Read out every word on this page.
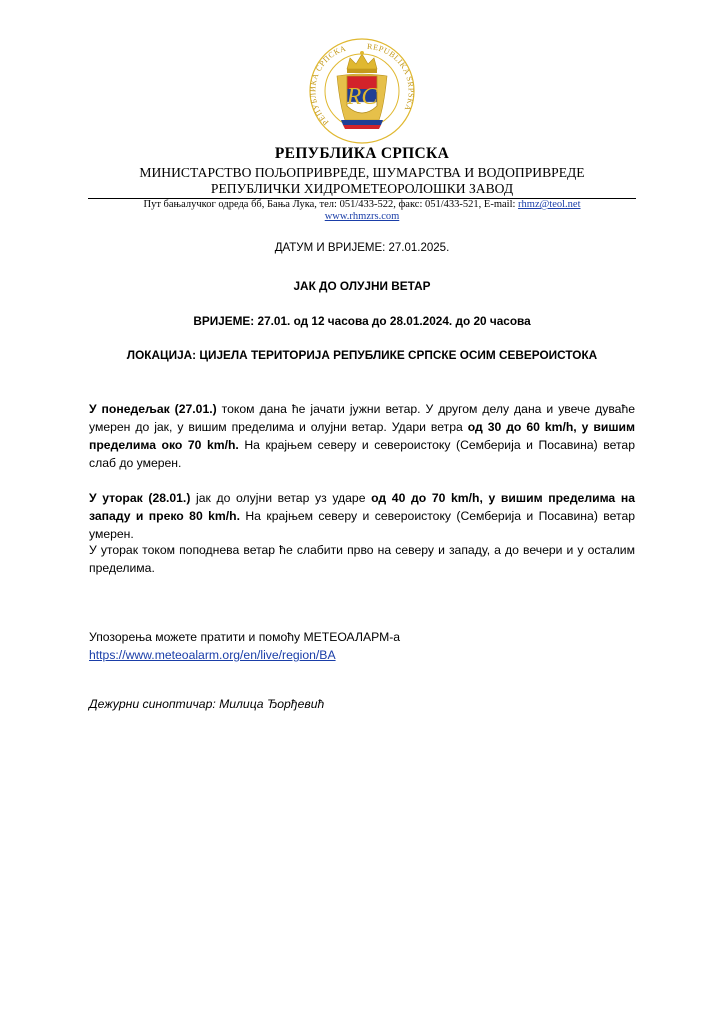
РЕПУБЛИКА СРПСКА REPUBLIKA SRPSKA
RC
РЕПУБЛИКА СРПСКА
МИНИСТАРСТВО ПОЉОПРИВРЕДЕ, ШУМАРСТВА И ВОДОПРИВРЕДЕ
РЕПУБЛИЧКИ ХИДРОМЕТЕОРОЛОШКИ ЗАВОД
Пут бањалучког одреда бб, Бања Лука, тел: 051/433-522, факс: 051/433-521, E-mail: rhmz@teol.net
www.rhmzrs.com
ДАТУМ И ВРИЈЕМЕ: 27.01.2025.
ЈАК ДО ОЛУЈНИ ВЕТАР
ВРИЈЕМЕ: 27.01. од 12 часова до 28.01.2024. до 20 часова
ЛОКАЦИЈА: ЦИЈЕЛА ТЕРИТОРИЈА РЕПУБЛИКЕ СРПСКЕ ОСИМ СЕВЕРОИСТОКА
У понедељак (27.01.) током дана ће јачати јужни ветар. У другом делу дана и увече дуваће умерен до јак, у вишим пределима и олујни ветар. Удари ветра од 30 до 60 km/h, у вишим пределима око 70 km/h. На крајњем северу и североистоку (Семберија и Посавина) ветар слаб до умерен.
У уторак (28.01.) јак до олујни ветар уз ударе од 40 до 70 km/h, у вишим пределима на западу и преко 80 km/h. На крајњем северу и североистоку (Семберија и Посавина) ветар умерен.
У уторак током поподнева ветар ће слабити прво на северу и западу, а до вечери и у осталим пределима.
Упозорења можете пратити и помоћу МЕТЕОАЛАРМ-а
https://www.meteoalarm.org/en/live/region/BA
Дежурни синоптичар: Милица Ђорђевић
